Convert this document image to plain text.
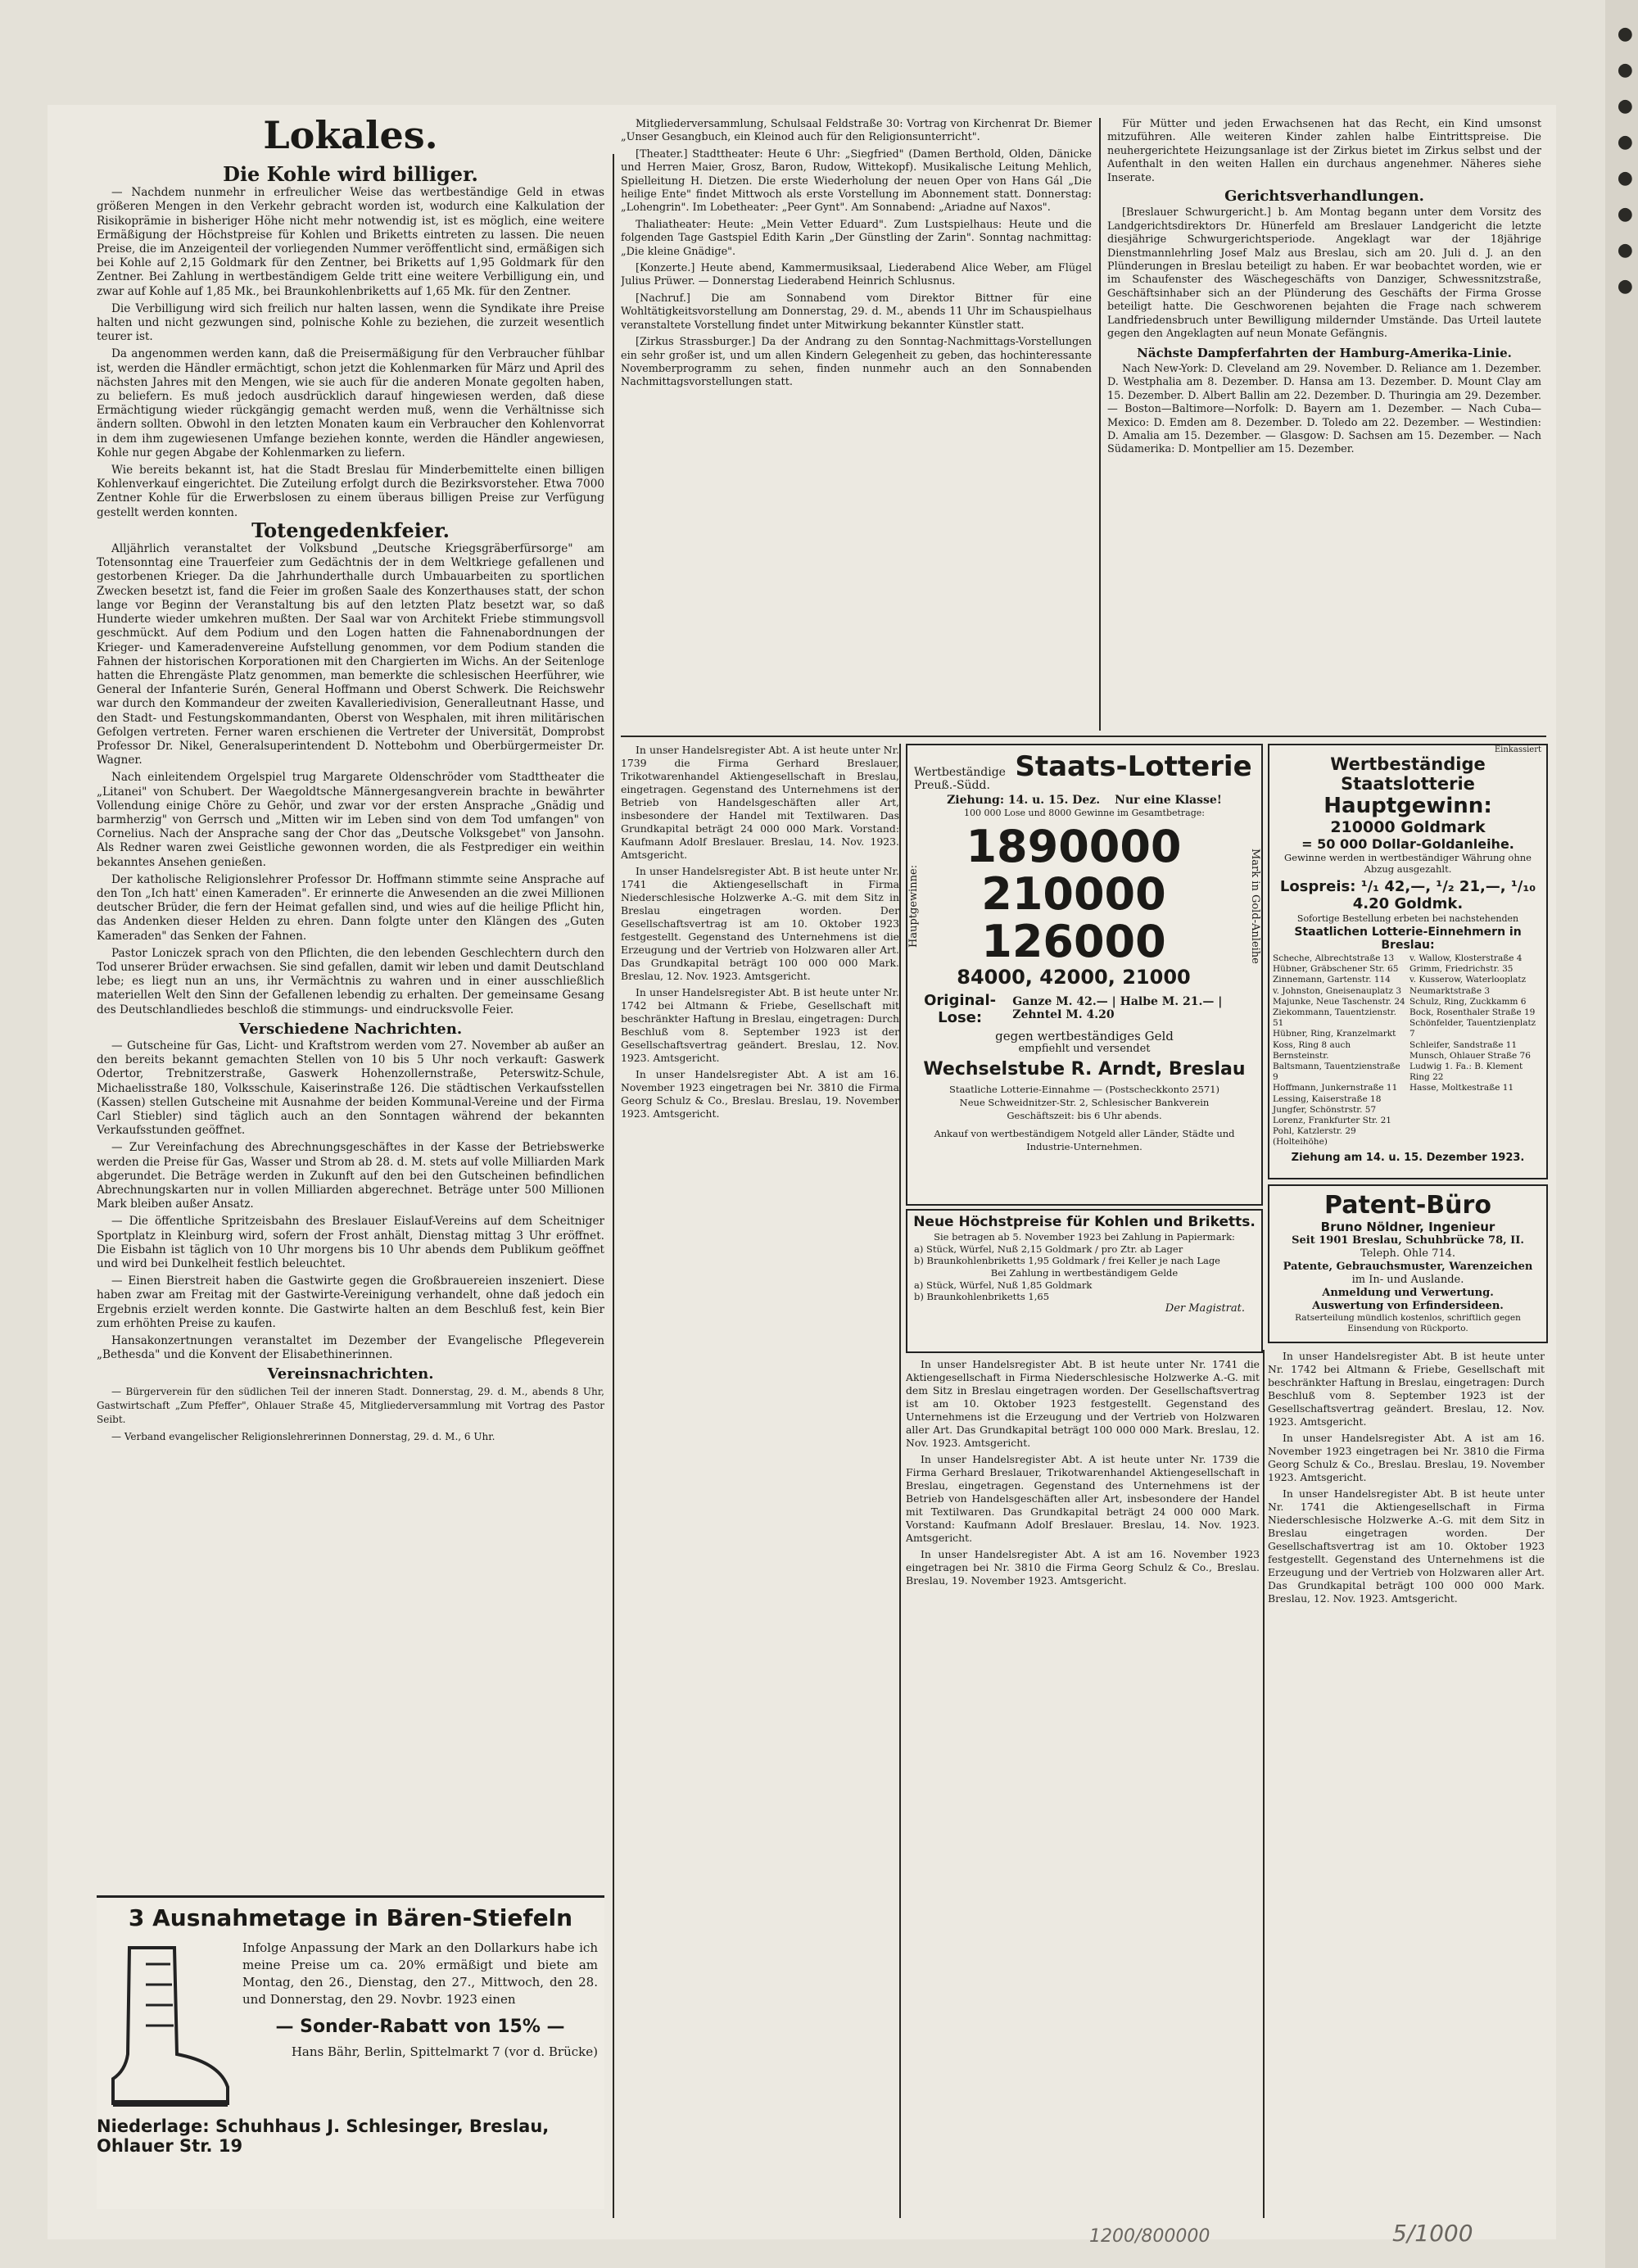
●
●
●
●
●
●
●
●
Lokales.
Die Kohle wird billiger.

— Nachdem nunmehr in erfreulicher Weise das wertbeständige Geld in etwas größeren Mengen in den Verkehr gebracht worden ist, wodurch eine Kalkulation der Risikoprämie in bisheriger Höhe nicht mehr notwendig ist, ist es möglich, eine weitere Ermäßigung der Höchstpreise für Kohlen und Briketts eintreten zu lassen. Die neuen Preise, die im Anzeigenteil der vorliegenden Nummer veröffentlicht sind, ermäßigen sich bei Kohle auf 2,15 Goldmark für den Zentner, bei Briketts auf 1,95 Goldmark für den Zentner. Bei Zahlung in wertbeständigem Gelde tritt eine weitere Verbilligung ein, und zwar auf Kohle auf 1,85 Mk., bei Braunkohlenbriketts auf 1,65 Mk. für den Zentner.

Die Verbilligung wird sich freilich nur halten lassen, wenn die Syndikate ihre Preise halten und nicht gezwungen sind, polnische Kohle zu beziehen, die zurzeit wesentlich teurer ist.

Da angenommen werden kann, daß die Preisermäßigung für den Verbraucher fühlbar ist, werden die Händler ermächtigt, schon jetzt die Kohlenmarken für März und April des nächsten Jahres mit den Mengen, wie sie auch für die anderen Monate gegolten haben, zu beliefern. Es muß jedoch ausdrücklich darauf hingewiesen werden, daß diese Ermächtigung wieder rückgängig gemacht werden muß, wenn die Verhältnisse sich ändern sollten. Obwohl in den letzten Monaten kaum ein Verbraucher den Kohlenvorrat in dem ihm zugewiesenen Umfange beziehen konnte, werden die Händler angewiesen, Kohle nur gegen Abgabe der Kohlenmarken zu liefern.

Wie bereits bekannt ist, hat die Stadt Breslau für Minderbemittelte einen billigen Kohlenverkauf eingerichtet. Die Zuteilung erfolgt durch die Bezirksvorsteher. Etwa 7000 Zentner Kohle für die Erwerbslosen zu einem überaus billigen Preise zur Verfügung gestellt werden konnten.

Totengedenkfeier.

Alljährlich veranstaltet der Volksbund „Deutsche Kriegsgräberfürsorge" am Totensonntag eine Trauerfeier zum Gedächtnis der in dem Weltkriege gefallenen und gestorbenen Krieger. Da die Jahrhunderthalle durch Umbauarbeiten zu sportlichen Zwecken besetzt ist, fand die Feier im großen Saale des Konzerthauses statt, der schon lange vor Beginn der Veranstaltung bis auf den letzten Platz besetzt war, so daß Hunderte wieder umkehren mußten. Der Saal war von Architekt Friebe stimmungsvoll geschmückt. Auf dem Podium und den Logen hatten die Fahnenabordnungen der Krieger- und Kameradenvereine Aufstellung genommen, vor dem Podium standen die Fahnen der historischen Korporationen mit den Chargierten im Wichs. An der Seitenloge hatten die Ehrengäste Platz genommen, man bemerkte die schlesischen Heerführer, wie General der Infanterie Surén, General Hoffmann und Oberst Schwerk. Die Reichswehr war durch den Kommandeur der zweiten Kavalleriedivision, Generalleutnant Hasse, und den Stadt- und Festungskommandanten, Oberst von Wesphalen, mit ihren militärischen Gefolgen vertreten. Ferner waren erschienen die Vertreter der Universität, Domprobst Professor Dr. Nikel, Generalsuperintendent D. Nottebohm und Oberbürgermeister Dr. Wagner.

Nach einleitendem Orgelspiel trug Margarete Oldenschröder vom Stadttheater die „Litanei" von Schubert. Der Waegoldtsche Männergesangverein brachte in bewährter Vollendung einige Chöre zu Gehör, und zwar vor der ersten Ansprache „Gnädig und barmherzig" von Gerrsch und „Mitten wir im Leben sind von dem Tod umfangen" von Cornelius. Nach der Ansprache sang der Chor das „Deutsche Volksgebet" von Jansohn. Als Redner waren zwei Geistliche gewonnen worden, die als Festprediger ein weithin bekanntes Ansehen genießen.

Der katholische Religionslehrer Professor Dr. Hoffmann stimmte seine Ansprache auf den Ton „Ich hatt' einen Kameraden". Er erinnerte die Anwesenden an die zwei Millionen deutscher Brüder, die fern der Heimat gefallen sind, und wies auf die heilige Pflicht hin, das Andenken dieser Helden zu ehren. Dann folgte unter den Klängen des „Guten Kameraden" das Senken der Fahnen.

Pastor Loniczek sprach von den Pflichten, die den lebenden Geschlechtern durch den Tod unserer Brüder erwachsen. Sie sind gefallen, damit wir leben und damit Deutschland lebe; es liegt nun an uns, ihr Vermächtnis zu wahren und in einer ausschließlich materiellen Welt den Sinn der Gefallenen lebendig zu erhalten. Der gemeinsame Gesang des Deutschlandliedes beschloß die stimmungs- und eindrucksvolle Feier.

Verschiedene Nachrichten.

— Gutscheine für Gas, Licht- und Kraftstrom werden vom 27. November ab außer an den bereits bekannt gemachten Stellen von 10 bis 5 Uhr noch verkauft: Gaswerk Odertor, Trebnitzerstraße, Gaswerk Hohenzollernstraße, Peterswitz-Schule, Michaelisstraße 180, Volksschule, Kaiserinstraße 126. Die städtischen Verkaufsstellen (Kassen) stellen Gutscheine mit Ausnahme der beiden Kommunal-Vereine und der Firma Carl Stiebler) sind täglich auch an den Sonntagen während der bekannten Verkaufsstunden geöffnet.

— Zur Vereinfachung des Abrechnungsgeschäftes in der Kasse der Betriebswerke werden die Preise für Gas, Wasser und Strom ab 28. d. M. stets auf volle Milliarden Mark abgerundet. Die Beträge werden in Zukunft auf den bei den Gutscheinen befindlichen Abrechnungskarten nur in vollen Milliarden abgerechnet. Beträge unter 500 Millionen Mark bleiben außer Ansatz.

— Die öffentliche Spritzeisbahn des Breslauer Eislauf-Vereins auf dem Scheitniger Sportplatz in Kleinburg wird, sofern der Frost anhält, Dienstag mittag 3 Uhr eröffnet. Die Eisbahn ist täglich von 10 Uhr morgens bis 10 Uhr abends dem Publikum geöffnet und wird bei Dunkelheit festlich beleuchtet.

— Einen Bierstreit haben die Gastwirte gegen die Großbrauereien inszeniert. Diese haben zwar am Freitag mit der Gastwirte-Vereinigung verhandelt, ohne daß jedoch ein Ergebnis erzielt werden konnte. Die Gastwirte halten an dem Beschluß fest, kein Bier zum erhöhten Preise zu kaufen.

Hansakonzertnungen veranstaltet im Dezember der Evangelische Pflegeverein „Bethesda" und die Konvent der Elisabethinerinnen.

Vereinsnachrichten.

— Bürgerverein für den südlichen Teil der inneren Stadt. Donnerstag, 29. d. M., abends 8 Uhr, Gastwirtschaft „Zum Pfeffer", Ohlauer Straße 45, Mitgliederversammlung mit Vortrag des Pastor Seibt.

— Verband evangelischer Religionslehrerinnen Donnerstag, 29. d. M., 6 Uhr.

3 Ausnahmetage in Bären-Stiefeln
Infolge Anpassung der Mark an den Dollarkurs habe ich meine Preise um ca. 20% ermäßigt und biete am Montag, den 26., Dienstag, den 27., Mittwoch, den 28. und Donnerstag, den 29. Novbr. 1923 einen
— Sonder-Rabatt von 15% —
Hans Bähr, Berlin, Spittelmarkt 7 (vor d. Brücke)
Niederlage: Schuhhaus J. Schlesinger, Breslau, Ohlauer Str. 19

Mitgliederversammlung, Schulsaal Feldstraße 30: Vortrag von Kirchenrat Dr. Biemer „Unser Gesangbuch, ein Kleinod auch für den Religionsunterricht".

[Theater.] Stadttheater: Heute 6 Uhr: „Siegfried" (Damen Berthold, Olden, Dänicke und Herren Maier, Grosz, Baron, Rudow, Wittekopf). Musikalische Leitung Mehlich, Spielleitung H. Dietzen. Die erste Wiederholung der neuen Oper von Hans Gál „Die heilige Ente" findet Mittwoch als erste Vorstellung im Abonnement statt. Donnerstag: „Lohengrin". Im Lobetheater: „Peer Gynt". Am Sonnabend: „Ariadne auf Naxos".

Thaliatheater: Heute: „Mein Vetter Eduard". Zum Lustspielhaus: Heute und die folgenden Tage Gastspiel Edith Karin „Der Günstling der Zarin". Sonntag nachmittag: „Die kleine Gnädige".

[Konzerte.] Heute abend, Kammermusiksaal, Liederabend Alice Weber, am Flügel Julius Prüwer. — Donnerstag Liederabend Heinrich Schlusnus.

[Nachruf.] Die am Sonnabend vom Direktor Bittner für eine Wohltätigkeitsvorstellung am Donnerstag, 29. d. M., abends 11 Uhr im Schauspielhaus veranstaltete Vorstellung findet unter Mitwirkung bekannter Künstler statt.

[Zirkus Strassburger.] Da der Andrang zu den Sonntag-Nachmittags-Vorstellungen ein sehr großer ist, und um allen Kindern Gelegenheit zu geben, das hochinteressante Novemberprogramm zu sehen, finden nunmehr auch an den Sonnabenden Nachmittagsvorstellungen statt.

Für Mütter und jeden Erwachsenen hat das Recht, ein Kind umsonst mitzuführen. Alle weiteren Kinder zahlen halbe Eintrittspreise. Die neuhergerichtete Heizungsanlage ist der Zirkus bietet im Zirkus selbst und der Aufenthalt in den weiten Hallen ein durchaus angenehmer. Näheres siehe Inserate.

Gerichtsverhandlungen.

[Breslauer Schwurgericht.] b. Am Montag begann unter dem Vorsitz des Landgerichtsdirektors Dr. Hünerfeld am Breslauer Landgericht die letzte diesjährige Schwurgerichtsperiode. Angeklagt war der 18jährige Dienstmannlehrling Josef Malz aus Breslau, sich am 20. Juli d. J. an den Plünderungen in Breslau beteiligt zu haben. Er war beobachtet worden, wie er im Schaufenster des Wäschegeschäfts von Danziger, Schwessnitzstraße, Geschäftsinhaber sich an der Plünderung des Geschäfts der Firma Grosse beteiligt hatte. Die Geschworenen bejahten die Frage nach schwerem Landfriedensbruch unter Bewilligung mildernder Umstände. Das Urteil lautete gegen den Angeklagten auf neun Monate Gefängnis.

Nächste Dampferfahrten der Hamburg-Amerika-Linie.

Nach New-York: D. Cleveland am 29. November. D. Reliance am 1. Dezember. D. Westphalia am 8. Dezember. D. Hansa am 13. Dezember. D. Mount Clay am 15. Dezember. D. Albert Ballin am 22. Dezember. D. Thuringia am 29. Dezember. — Boston—Baltimore—Norfolk: D. Bayern am 1. Dezember. — Nach Cuba—Mexico: D. Emden am 8. Dezember. D. Toledo am 22. Dezember. — Westindien: D. Amalia am 15. Dezember. — Glasgow: D. Sachsen am 15. Dezember. — Nach Südamerika: D. Montpellier am 15. Dezember.

In unser Handelsregister Abt. A ist heute unter Nr. 1739 die Firma Gerhard Breslauer, Trikotwarenhandel Aktiengesellschaft in Breslau, eingetragen. Gegenstand des Unternehmens ist der Betrieb von Handelsgeschäften aller Art, insbesondere der Handel mit Textilwaren. Das Grundkapital beträgt 24 000 000 Mark. Vorstand: Kaufmann Adolf Breslauer. Breslau, 14. Nov. 1923. Amtsgericht.

In unser Handelsregister Abt. B ist heute unter Nr. 1741 die Aktiengesellschaft in Firma Niederschlesische Holzwerke A.-G. mit dem Sitz in Breslau eingetragen worden. Der Gesellschaftsvertrag ist am 10. Oktober 1923 festgestellt. Gegenstand des Unternehmens ist die Erzeugung und der Vertrieb von Holzwaren aller Art. Das Grundkapital beträgt 100 000 000 Mark. Breslau, 12. Nov. 1923. Amtsgericht.

In unser Handelsregister Abt. B ist heute unter Nr. 1742 bei Altmann & Friebe, Gesellschaft mit beschränkter Haftung in Breslau, eingetragen: Durch Beschluß vom 8. September 1923 ist der Gesellschaftsvertrag geändert. Breslau, 12. Nov. 1923. Amtsgericht.

In unser Handelsregister Abt. A ist am 16. November 1923 eingetragen bei Nr. 3810 die Firma Georg Schulz & Co., Breslau. Breslau, 19. November 1923. Amtsgericht.

Wertbeständige Preuß.-Südd.
Staats-Lotterie
Ziehung: 14. u. 15. Dez. Nur eine Klasse!
100 000 Lose und 8000 Gewinne im Gesamtbetrage:
Hauptgewinne:
1890000
210000
126000
84000, 42000, 21000
Mark in Gold-Anleihe
Original-Lose:
Ganze M. 42.— | Halbe M. 21.— | Zehntel M. 4.20
gegen wertbeständiges Geld
empfiehlt und versendet
Wechselstube R. Arndt, Breslau
Staatliche Lotterie-Einnahme — (Postscheckkonto 2571)
Neue Schweidnitzer-Str. 2, Schlesischer Bankverein
Geschäftszeit: bis 6 Uhr abends.
Ankauf von wertbeständigem Notgeld aller Länder, Städte und Industrie-Unternehmen.
Neue Höchstpreise für Kohlen und Briketts.
Sie betragen ab 5. November 1923 bei Zahlung in Papiermark:
a) Stück, Würfel, Nuß 2,15 Goldmark / pro Ztr. ab Lager
b) Braunkohlenbriketts 1,95 Goldmark / frei Keller je nach Lage
Bei Zahlung in wertbeständigem Gelde
a) Stück, Würfel, Nuß 1,85 Goldmark
b) Braunkohlenbriketts 1,65
Der Magistrat.
Einkassiert
Wertbeständige Staatslotterie
Hauptgewinn:
210000 Goldmark
= 50 000 Dollar-Goldanleihe.
Gewinne werden in wertbeständiger Währung ohne Abzug ausgezahlt.
Lospreis: ¹/₁ 42,—, ¹/₂ 21,—, ¹/₁₀ 4.20 Goldmk.
Sofortige Bestellung erbeten bei nachstehenden
Staatlichen Lotterie-Einnehmern in Breslau:
Scheche, Albrechtstraße 13
Hübner, Gräbschener Str. 65
Zinnemann, Gartenstr. 114
v. Johnston, Gneisenauplatz 3
Majunke, Neue Taschenstr. 24
Ziekommann, Tauentzienstr. 51
Hübner, Ring, Kranzelmarkt
Koss, Ring 8 auch Bernsteinstr.
Baltsmann, Tauentzienstraße 9
Hoffmann, Junkernstraße 11
Lessing, Kaiserstraße 18
Jungfer, Schönstrstr. 57
Lorenz, Frankfurter Str. 21
Pohl, Katzlerstr. 29 (Holteihöhe)
v. Wallow, Klosterstraße 4
Grimm, Friedrichstr. 35
v. Kusserow, Waterlooplatz
Neumarktstraße 3
Schulz, Ring, Zuckkamm 6
Bock, Rosenthaler Straße 19
Schönfelder, Tauentzienplatz 7
Schleifer, Sandstraße 11
Munsch, Ohlauer Straße 76
Ludwig 1. Fa.: B. Klement
Ring 22
Hasse, Moltkestraße 11
Ziehung am 14. u. 15. Dezember 1923.
Patent-Büro
Bruno Nöldner, Ingenieur
Seit 1901 Breslau, Schuhbrücke 78, II.
Teleph. Ohle 714.
Patente, Gebrauchsmuster, Warenzeichen
im In- und Auslande.
Anmeldung und Verwertung.
Auswertung von Erfindersideen.
Ratserteilung mündlich kostenlos, schriftlich gegen Einsendung von Rückporto.

In unser Handelsregister Abt. B ist heute unter Nr. 1741 die Aktiengesellschaft in Firma Niederschlesische Holzwerke A.-G. mit dem Sitz in Breslau eingetragen worden. Der Gesellschaftsvertrag ist am 10. Oktober 1923 festgestellt. Gegenstand des Unternehmens ist die Erzeugung und der Vertrieb von Holzwaren aller Art. Das Grundkapital beträgt 100 000 000 Mark. Breslau, 12. Nov. 1923. Amtsgericht.

In unser Handelsregister Abt. A ist heute unter Nr. 1739 die Firma Gerhard Breslauer, Trikotwarenhandel Aktiengesellschaft in Breslau, eingetragen. Gegenstand des Unternehmens ist der Betrieb von Handelsgeschäften aller Art, insbesondere der Handel mit Textilwaren. Das Grundkapital beträgt 24 000 000 Mark. Vorstand: Kaufmann Adolf Breslauer. Breslau, 14. Nov. 1923. Amtsgericht.

In unser Handelsregister Abt. A ist am 16. November 1923 eingetragen bei Nr. 3810 die Firma Georg Schulz & Co., Breslau. Breslau, 19. November 1923. Amtsgericht.

In unser Handelsregister Abt. B ist heute unter Nr. 1742 bei Altmann & Friebe, Gesellschaft mit beschränkter Haftung in Breslau, eingetragen: Durch Beschluß vom 8. September 1923 ist der Gesellschaftsvertrag geändert. Breslau, 12. Nov. 1923. Amtsgericht.

In unser Handelsregister Abt. A ist am 16. November 1923 eingetragen bei Nr. 3810 die Firma Georg Schulz & Co., Breslau. Breslau, 19. November 1923. Amtsgericht.

In unser Handelsregister Abt. B ist heute unter Nr. 1741 die Aktiengesellschaft in Firma Niederschlesische Holzwerke A.-G. mit dem Sitz in Breslau eingetragen worden. Der Gesellschaftsvertrag ist am 10. Oktober 1923 festgestellt. Gegenstand des Unternehmens ist die Erzeugung und der Vertrieb von Holzwaren aller Art. Das Grundkapital beträgt 100 000 000 Mark. Breslau, 12. Nov. 1923. Amtsgericht.

1200/800000	5/1000
